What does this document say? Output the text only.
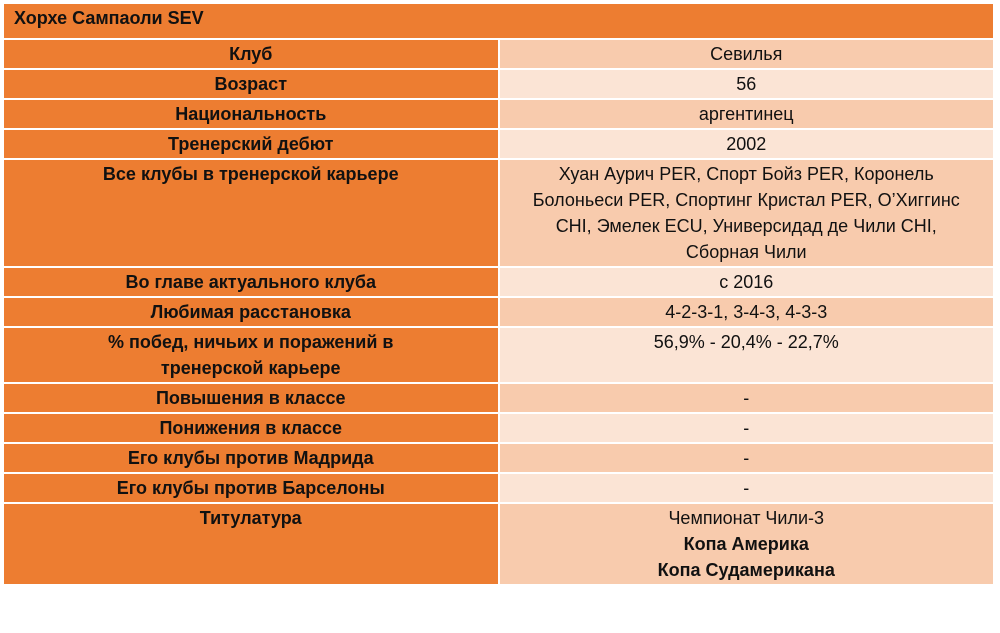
Хорхе Сампаоли SEV	
Клуб	Севилья
Возраст	56
Национальность	аргентинец
Тренерский дебют	2002
Все клубы в тренерской карьере	Хуан Аурич PER, Спорт Бойз PER, Коронель
Болоньеси PER, Спортинг Кристал PER, О’Хиггинс
CHI, Эмелек ECU, Универсидад де Чили CHI,
Сборная Чили

Во главе актуального клуба	с 2016
Любимая расстановка	4-2-3-1, 3-4-3, 4-3-3

% побед, ничьих и поражений в
тренерской карьере	56,9% - 20,4% - 22,7%
Повышения в классе	-
Понижения в классе	-
Его клубы против Мадрида	-
Его клубы против Барселоны	-
Титулатура	Чемпионат Чили-3
Копа Америка
Копа Судамерикана
